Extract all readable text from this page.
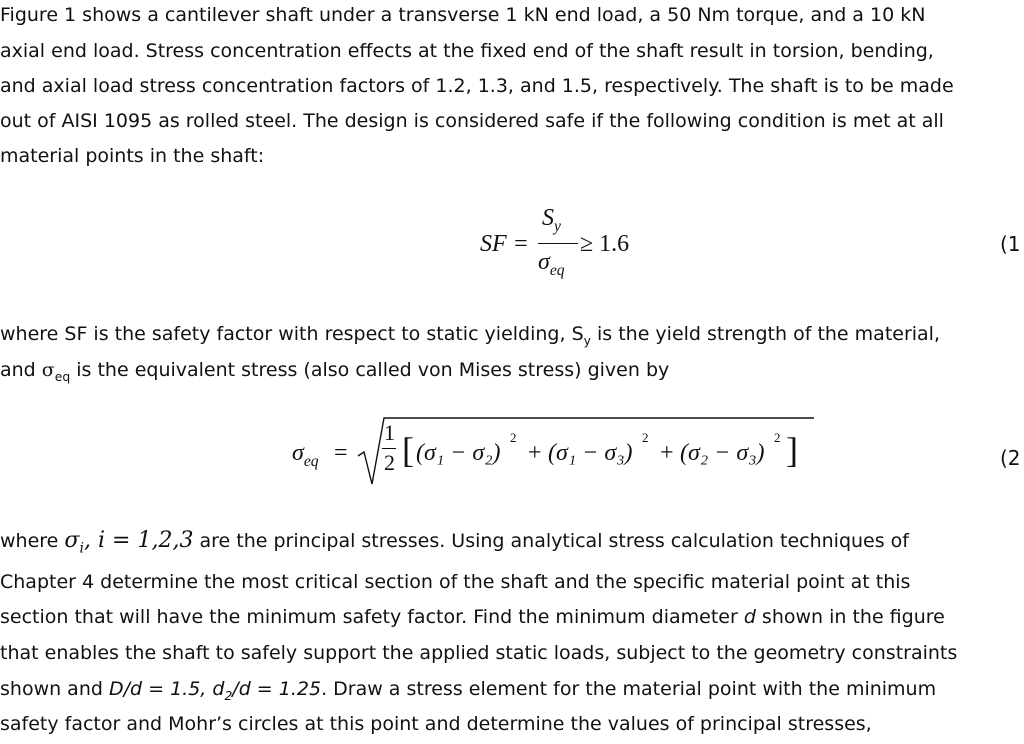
Figure 1 shows a cantilever shaft under a transverse 1 kN end load, a 50 Nm torque, and a 10 kN
axial end load. Stress concentration effects at the fixed end of the shaft result in torsion, bending,
and axial load stress concentration factors of 1.2, 1.3, and 1.5, respectively. The shaft is to be made
out of AISI 1095 as rolled steel. The design is considered safe if the following condition is met at all
material points in the shaft:
SF =
$S_y$
$\sigma_{eq}$
≥ 1.6	(1
where SF is the safety factor with respect to static yielding, $S_y$ is the yield strength of the material,
and $\sigma_{eq}$ is the equivalent stress (also called von Mises stress) given by
$\sigma_{eq}$ =
1
2 [ (σ₁ − σ₂)
2
+ (σ₁ − σ₃)
2
+ (σ₂ − σ₃)
2 ]	(2
where $\sigma_i$, i = 1,2,3 are the principal stresses. Using analytical stress calculation techniques of
Chapter 4 determine the most critical section of the shaft and the specific material point at this
section that will have the minimum safety factor. Find the minimum diameter d shown in the figure
that enables the shaft to safely support the applied static loads, subject to the geometry constraints
shown and D/d = 1.5, $d_2/d = 1.25$. Draw a stress element for the material point with the minimum
safety factor and Mohr’s circles at this point and determine the values of principal stresses,
